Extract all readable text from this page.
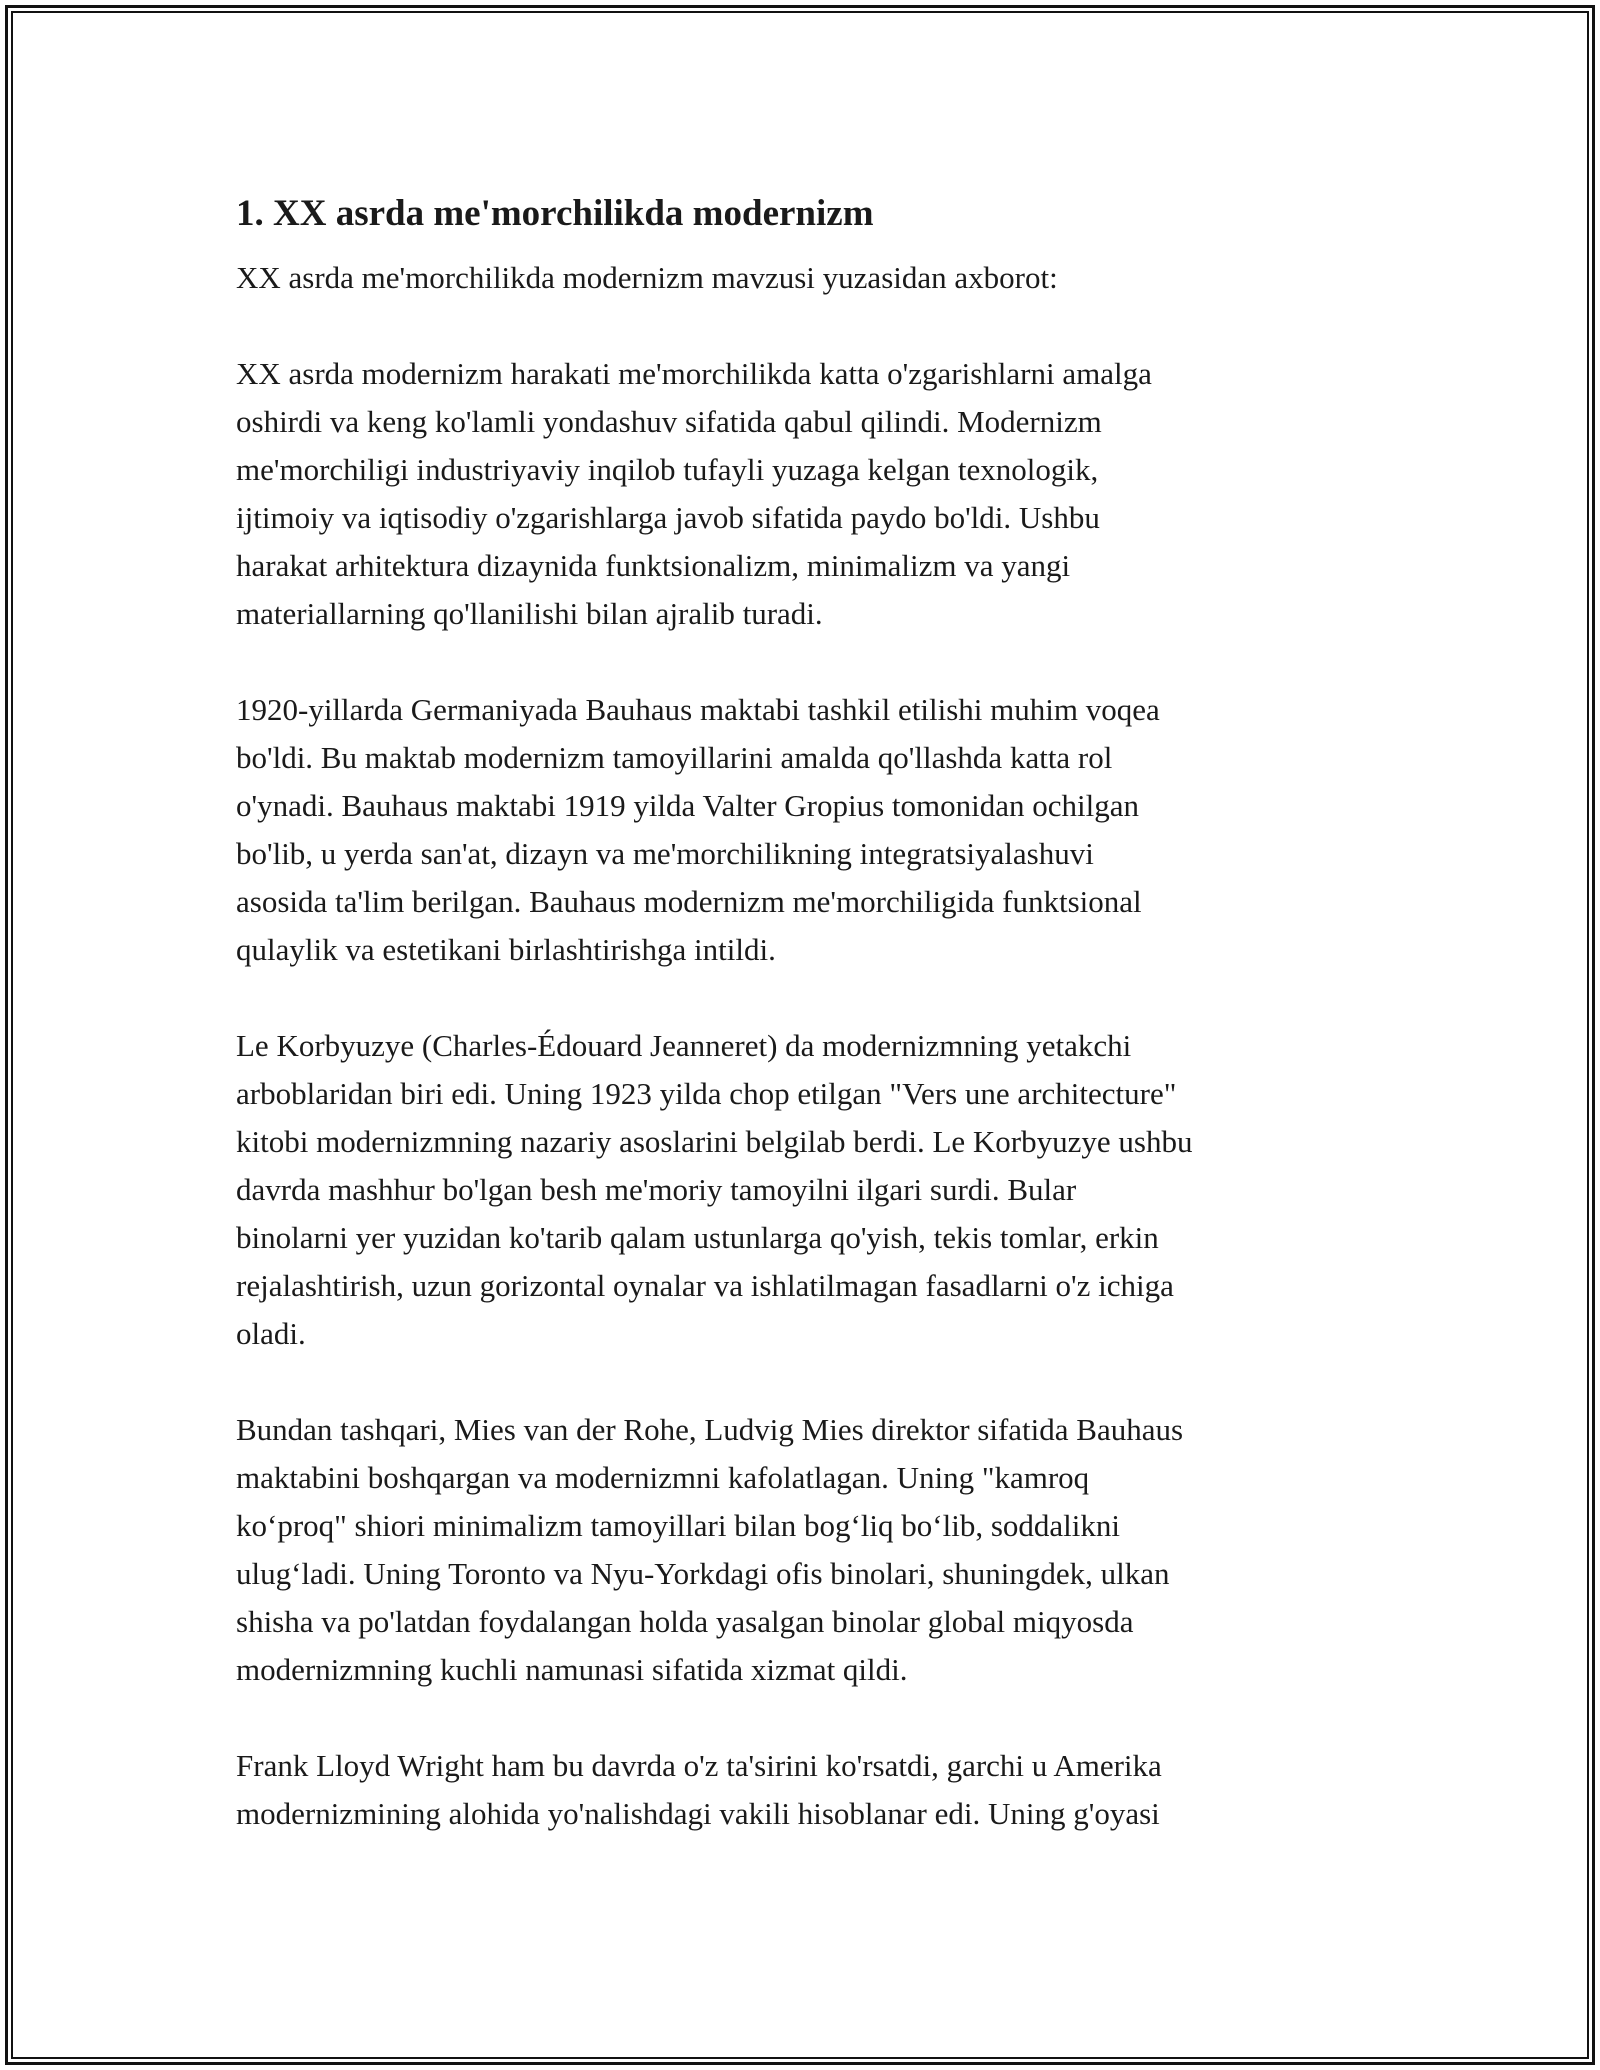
1. XX asrda me'morchilikda modernizm

XX asrda me'morchilikda modernizm mavzusi yuzasidan axborot:

XX asrda modernizm harakati me'morchilikda katta o'zgarishlarni amalga
oshirdi va keng ko'lamli yondashuv sifatida qabul qilindi. Modernizm
me'morchiligi industriyaviy inqilob tufayli yuzaga kelgan texnologik,
ijtimoiy va iqtisodiy o'zgarishlarga javob sifatida paydo bo'ldi. Ushbu
harakat arhitektura dizaynida funktsionalizm, minimalizm va yangi
materiallarning qo'llanilishi bilan ajralib turadi.

1920-yillarda Germaniyada Bauhaus maktabi tashkil etilishi muhim voqea
bo'ldi. Bu maktab modernizm tamoyillarini amalda qo'llashda katta rol
o'ynadi. Bauhaus maktabi 1919 yilda Valter Gropius tomonidan ochilgan
bo'lib, u yerda san'at, dizayn va me'morchilikning integratsiyalashuvi
asosida ta'lim berilgan. Bauhaus modernizm me'morchiligida funktsional
qulaylik va estetikani birlashtirishga intildi.

Le Korbyuzye (Charles-Édouard Jeanneret) da modernizmning yetakchi
arboblaridan biri edi. Uning 1923 yilda chop etilgan "Vers une architecture"
kitobi modernizmning nazariy asoslarini belgilab berdi. Le Korbyuzye ushbu
davrda mashhur bo'lgan besh me'moriy tamoyilni ilgari surdi. Bular
binolarni yer yuzidan ko'tarib qalam ustunlarga qo'yish, tekis tomlar, erkin
rejalashtirish, uzun gorizontal oynalar va ishlatilmagan fasadlarni o'z ichiga
oladi.

Bundan tashqari, Mies van der Rohe, Ludvig Mies direktor sifatida Bauhaus
maktabini boshqargan va modernizmni kafolatlagan. Uning "kamroq
ko‘proq" shiori minimalizm tamoyillari bilan bog‘liq bo‘lib, soddalikni
ulug‘ladi. Uning Toronto va Nyu-Yorkdagi ofis binolari, shuningdek, ulkan
shisha va po'latdan foydalangan holda yasalgan binolar global miqyosda
modernizmning kuchli namunasi sifatida xizmat qildi.

Frank Lloyd Wright ham bu davrda o'z ta'sirini ko'rsatdi, garchi u Amerika
modernizmining alohida yo'nalishdagi vakili hisoblanar edi. Uning g'oyasi
